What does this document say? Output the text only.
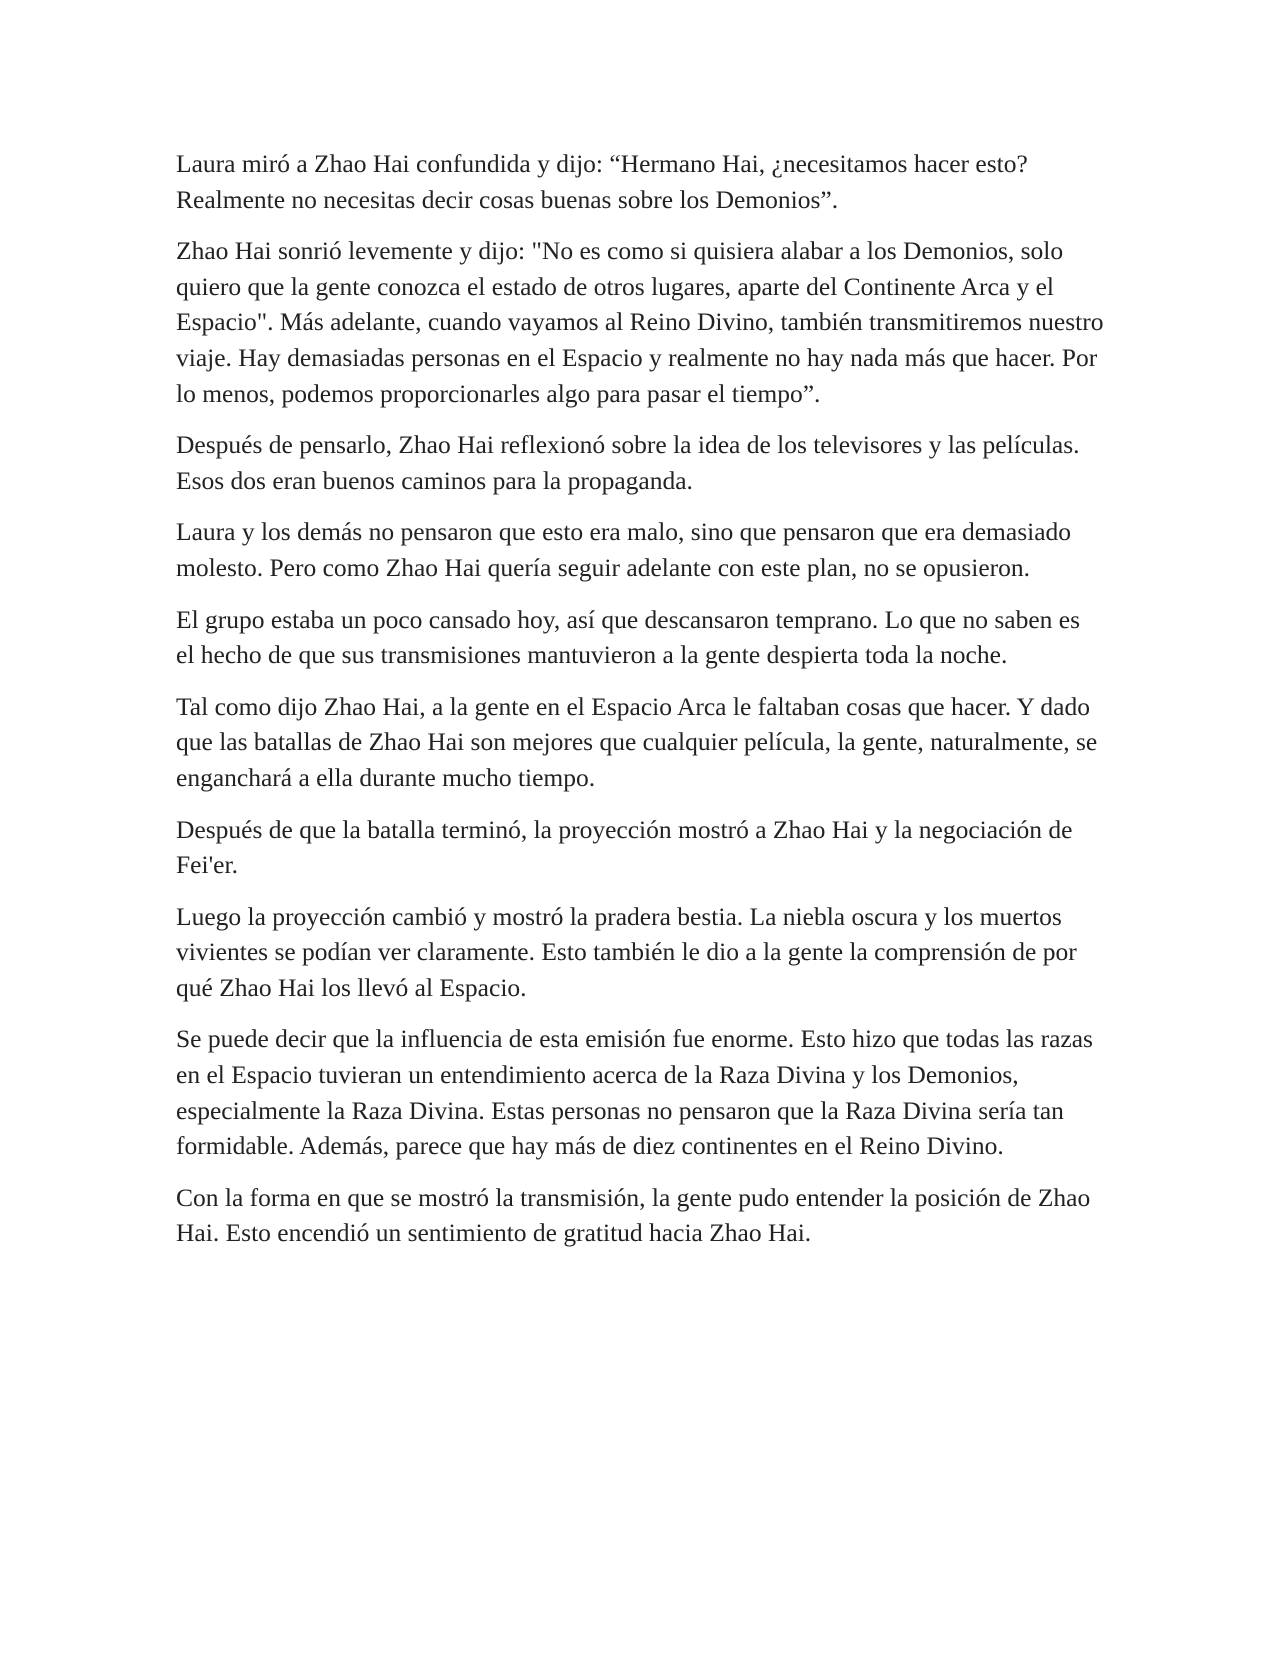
Laura miró a Zhao Hai confundida y dijo: “Hermano Hai, ¿necesitamos hacer esto? Realmente no necesitas decir cosas buenas sobre los Demonios”.

Zhao Hai sonrió levemente y dijo: "No es como si quisiera alabar a los Demonios, solo quiero que la gente conozca el estado de otros lugares, aparte del Continente Arca y el Espacio". Más adelante, cuando vayamos al Reino Divino, también transmitiremos nuestro viaje. Hay demasiadas personas en el Espacio y realmente no hay nada más que hacer. Por lo menos, podemos proporcionarles algo para pasar el tiempo”.

Después de pensarlo, Zhao Hai reflexionó sobre la idea de los televisores y las películas. Esos dos eran buenos caminos para la propaganda.

Laura y los demás no pensaron que esto era malo, sino que pensaron que era demasiado molesto. Pero como Zhao Hai quería seguir adelante con este plan, no se opusieron.

El grupo estaba un poco cansado hoy, así que descansaron temprano. Lo que no saben es el hecho de que sus transmisiones mantuvieron a la gente despierta toda la noche.

Tal como dijo Zhao Hai, a la gente en el Espacio Arca le faltaban cosas que hacer. Y dado que las batallas de Zhao Hai son mejores que cualquier película, la gente, naturalmente, se enganchará a ella durante mucho tiempo.

Después de que la batalla terminó, la proyección mostró a Zhao Hai y la negociación de Fei'er.

Luego la proyección cambió y mostró la pradera bestia. La niebla oscura y los muertos vivientes se podían ver claramente. Esto también le dio a la gente la comprensión de por qué Zhao Hai los llevó al Espacio.

Se puede decir que la influencia de esta emisión fue enorme. Esto hizo que todas las razas en el Espacio tuvieran un entendimiento acerca de la Raza Divina y los Demonios, especialmente la Raza Divina. Estas personas no pensaron que la Raza Divina sería tan formidable. Además, parece que hay más de diez continentes en el Reino Divino.

Con la forma en que se mostró la transmisión, la gente pudo entender la posición de Zhao Hai. Esto encendió un sentimiento de gratitud hacia Zhao Hai.
